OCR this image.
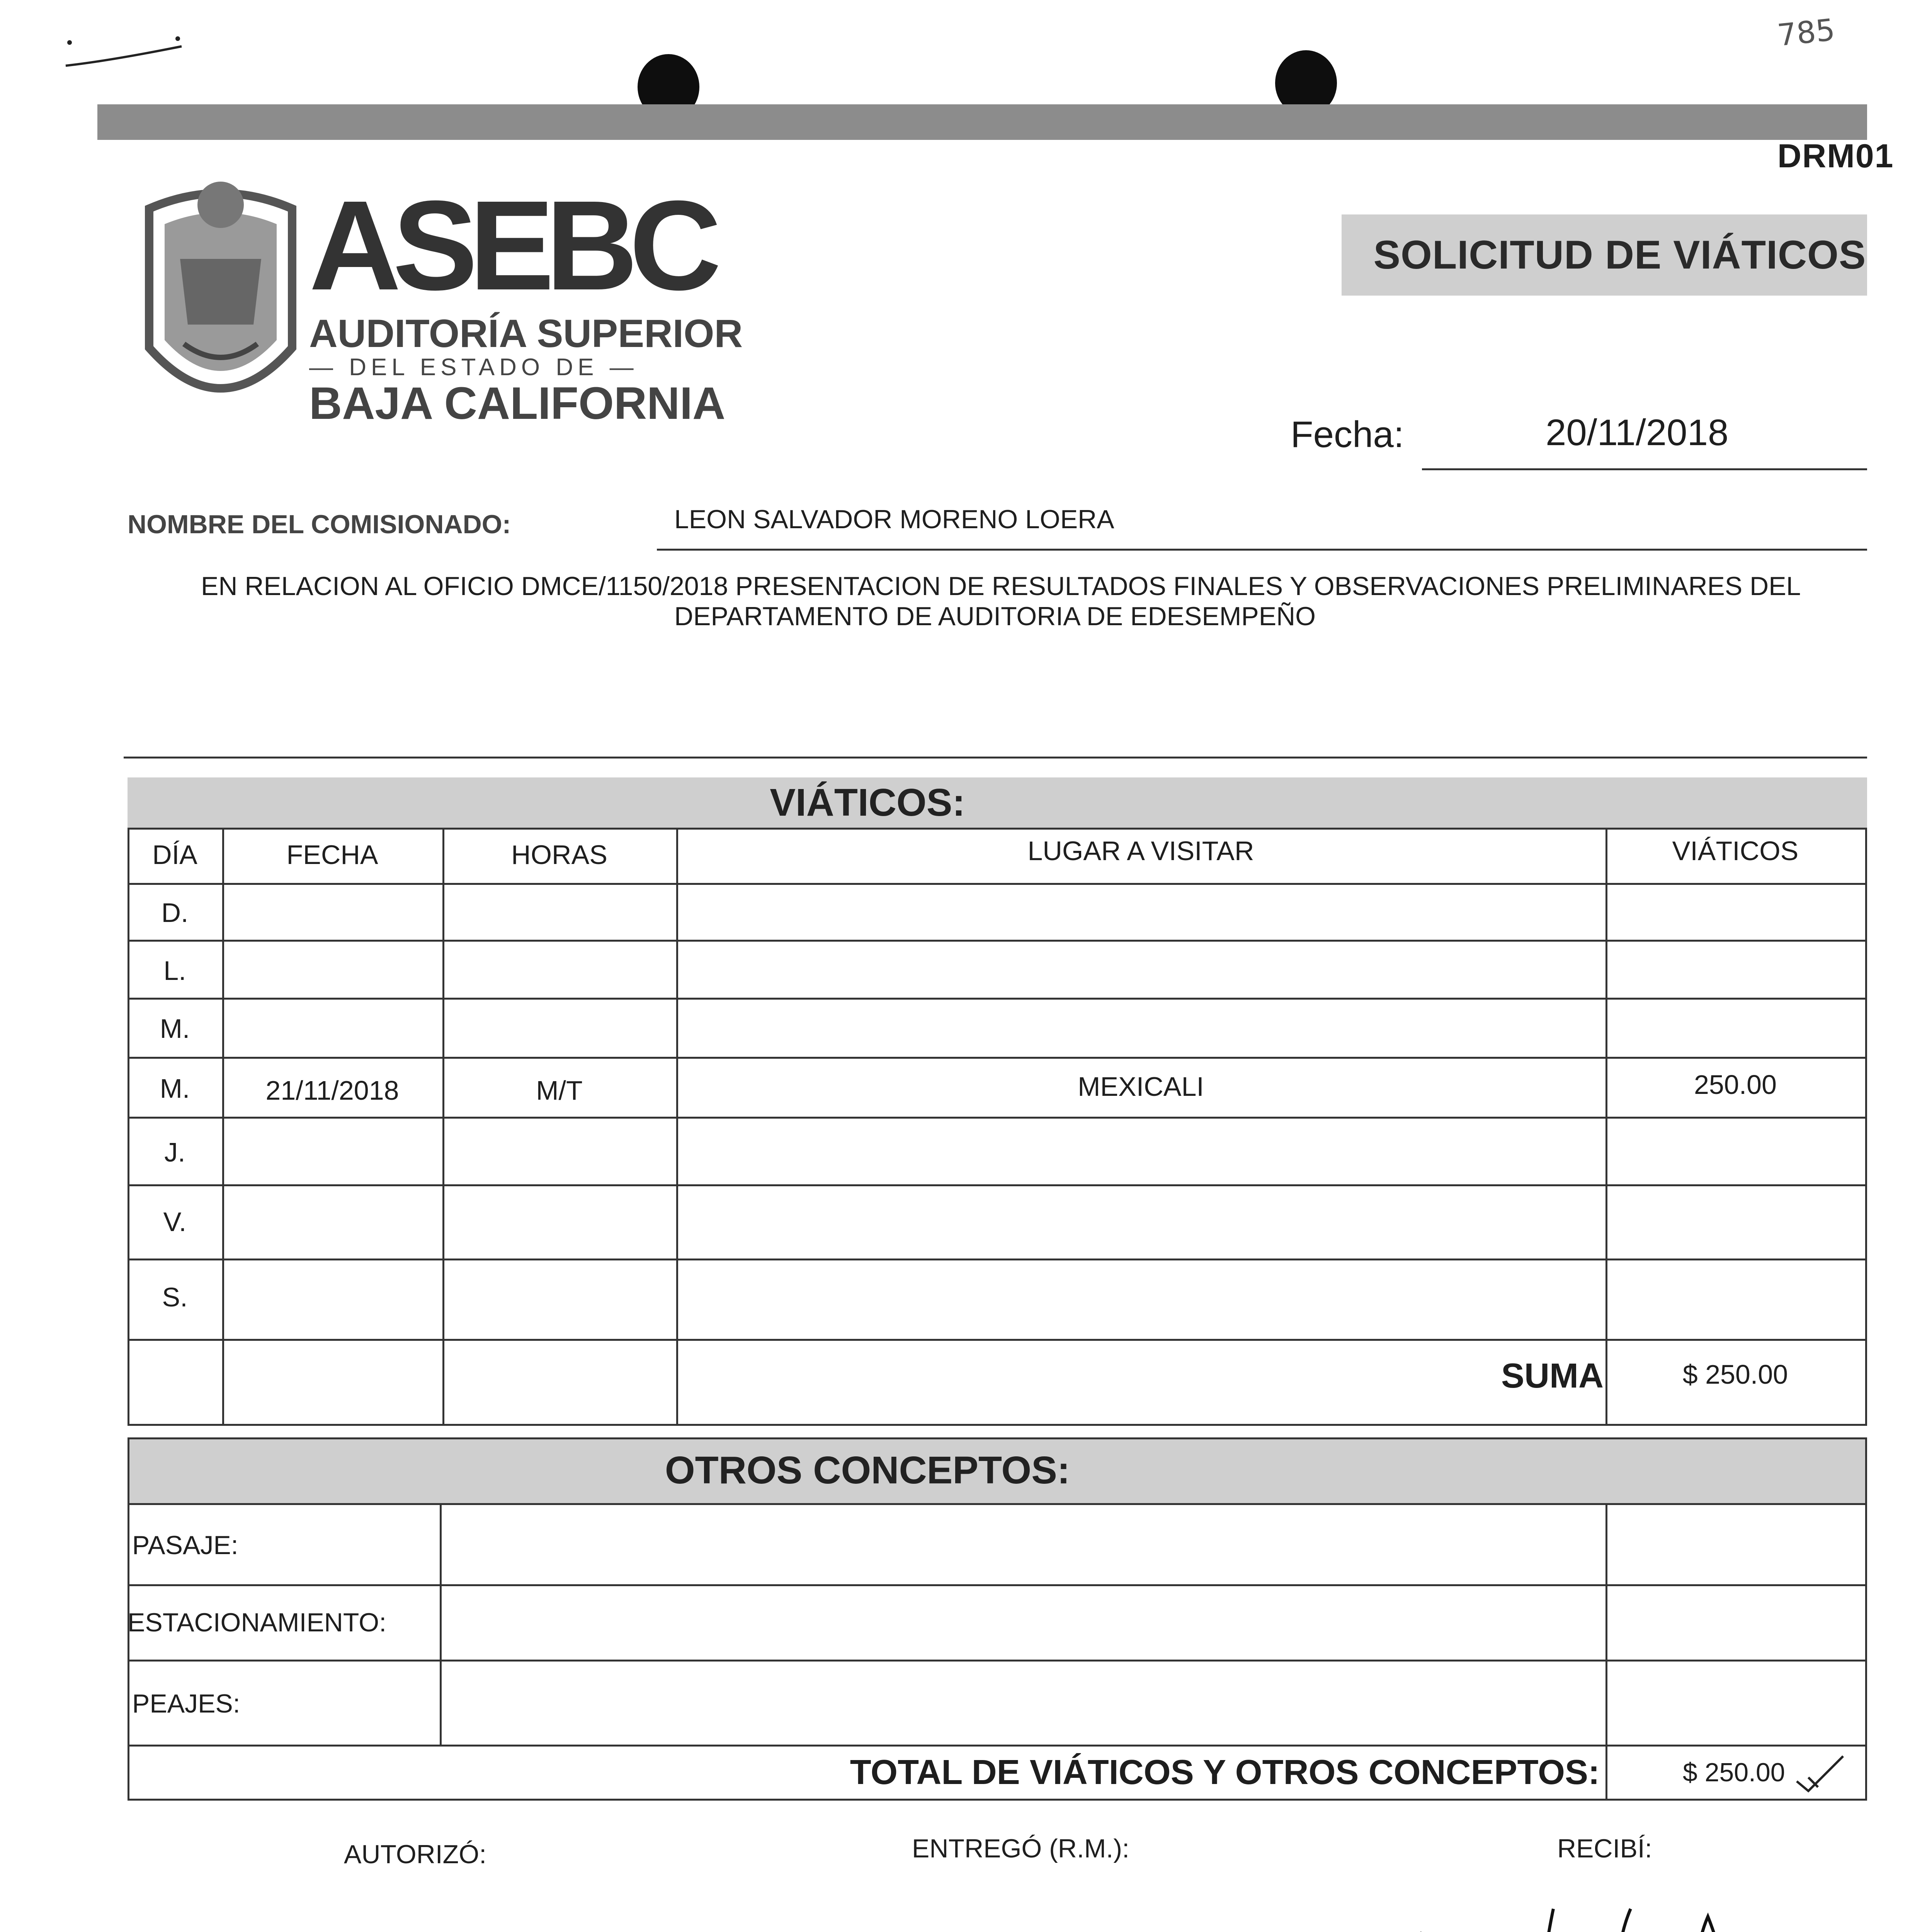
785
DRM01
SOLICITUD DE VIÁTICOS
ASEBC
AUDITORÍA SUPERIOR
— DEL ESTADO DE —
BAJA CALIFORNIA
Fecha:	20/11/2018
NOMBRE DEL COMISIONADO:	LEON SALVADOR MORENO LOERA
EN RELACION AL OFICIO DMCE/1150/2018 PRESENTACION DE RESULTADOS FINALES Y OBSERVACIONES PRELIMINARES DEL
DEPARTAMENTO DE AUDITORIA DE EDESEMPEÑO
VIÁTICOS:
DÍA	FECHA	HORAS	LUGAR A VISITAR	VIÁTICOS
D.
L.
M.
M.	21/11/2018	M/T	MEXICALI	250.00
J.
V.
S.
SUMA	$ 250.00
OTROS CONCEPTOS:
PASAJE:
ESTACIONAMIENTO:
PEAJES:
TOTAL DE VIÁTICOS Y OTROS CONCEPTOS:	$ 250.00
AUTORIZÓ:	ENTREGÓ (R.M.):	RECIBÍ:
